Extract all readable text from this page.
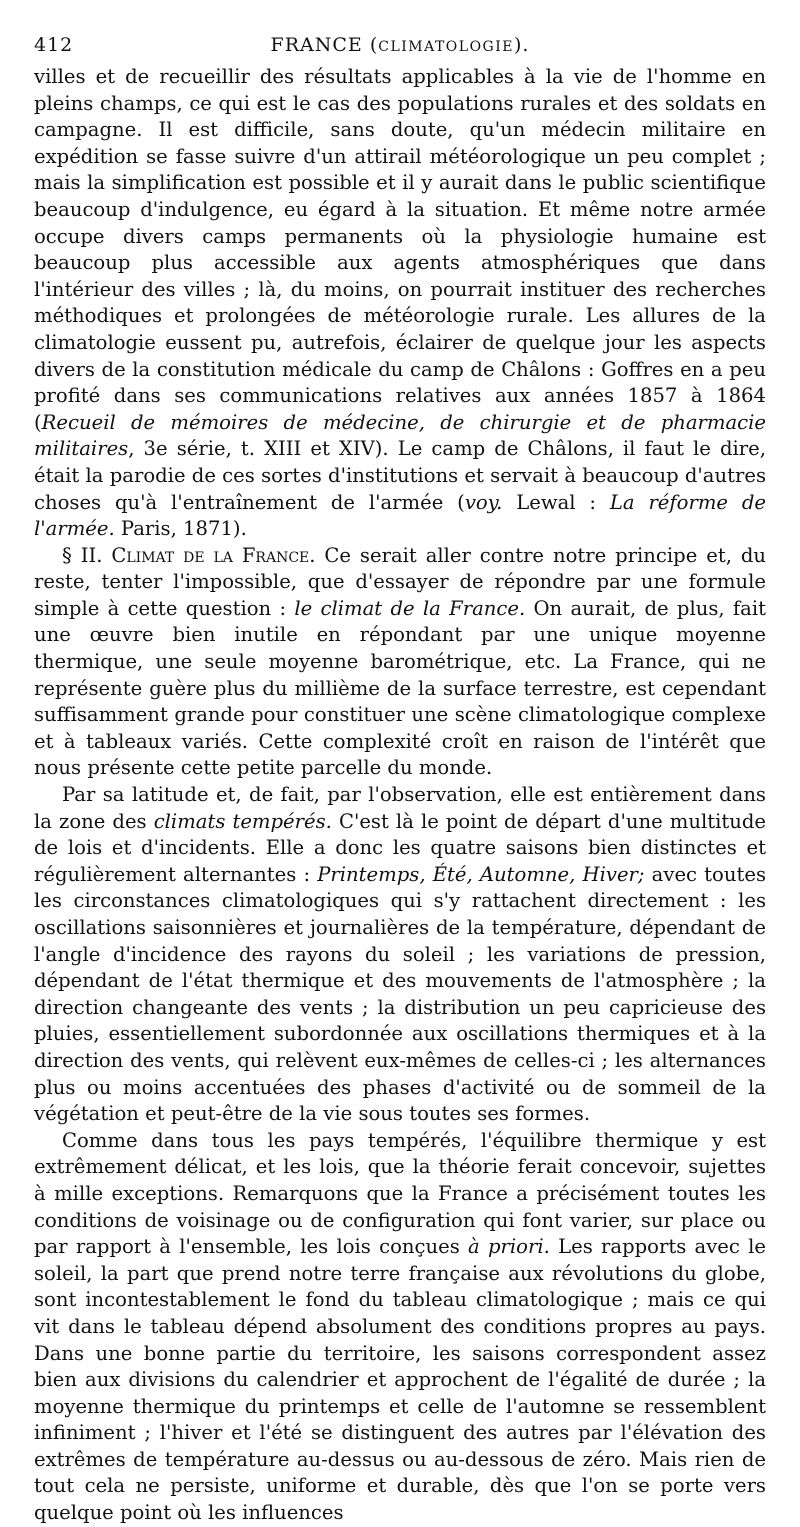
412	FRANCE (CLIMATOLOGIE).

villes et de recueillir des résultats applicables à la vie de l'homme en pleins champs, ce qui est le cas des populations rurales et des soldats en campagne. Il est difficile, sans doute, qu'un médecin militaire en expédition se fasse suivre d'un attirail météorologique un peu complet ; mais la simplification est possible et il y aurait dans le public scientifique beaucoup d'indulgence, eu égard à la situation. Et même notre armée occupe divers camps permanents où la physiologie humaine est beaucoup plus accessible aux agents atmosphériques que dans l'intérieur des villes ; là, du moins, on pourrait instituer des recherches méthodiques et prolongées de météorologie rurale. Les allures de la climatologie eussent pu, autrefois, éclairer de quelque jour les aspects divers de la constitution médicale du camp de Châlons : Goffres en a peu profité dans ses communications relatives aux années 1857 à 1864 (Recueil de mémoires de médecine, de chirurgie et de pharmacie militaires, 3e série, t. XIII et XIV). Le camp de Châlons, il faut le dire, était la parodie de ces sortes d'institutions et servait à beaucoup d'autres choses qu'à l'entraînement de l'armée (voy. Lewal : La réforme de l'armée. Paris, 1871).

§ II. Climat de la France. Ce serait aller contre notre principe et, du reste, tenter l'impossible, que d'essayer de répondre par une formule simple à cette question : le climat de la France. On aurait, de plus, fait une œuvre bien inutile en répondant par une unique moyenne thermique, une seule moyenne barométrique, etc. La France, qui ne représente guère plus du millième de la surface terrestre, est cependant suffisamment grande pour constituer une scène climatologique complexe et à tableaux variés. Cette complexité croît en raison de l'intérêt que nous présente cette petite parcelle du monde.

Par sa latitude et, de fait, par l'observation, elle est entièrement dans la zone des climats tempérés. C'est là le point de départ d'une multitude de lois et d'incidents. Elle a donc les quatre saisons bien distinctes et régulièrement alternantes : Printemps, Été, Automne, Hiver; avec toutes les circonstances climatologiques qui s'y rattachent directement : les oscillations saisonnières et journalières de la température, dépendant de l'angle d'incidence des rayons du soleil ; les variations de pression, dépendant de l'état thermique et des mouvements de l'atmosphère ; la direction changeante des vents ; la distribution un peu capricieuse des pluies, essentiellement subordonnée aux oscillations thermiques et à la direction des vents, qui relèvent eux-mêmes de celles-ci ; les alternances plus ou moins accentuées des phases d'activité ou de sommeil de la végétation et peut-être de la vie sous toutes ses formes.

Comme dans tous les pays tempérés, l'équilibre thermique y est extrêmement délicat, et les lois, que la théorie ferait concevoir, sujettes à mille exceptions. Remarquons que la France a précisément toutes les conditions de voisinage ou de configuration qui font varier, sur place ou par rapport à l'ensemble, les lois conçues à priori. Les rapports avec le soleil, la part que prend notre terre française aux révolutions du globe, sont incontestablement le fond du tableau climatologique ; mais ce qui vit dans le tableau dépend absolument des conditions propres au pays. Dans une bonne partie du territoire, les saisons correspondent assez bien aux divisions du calendrier et approchent de l'égalité de durée ; la moyenne thermique du printemps et celle de l'automne se ressemblent infiniment ; l'hiver et l'été se distinguent des autres par l'élévation des extrêmes de température au-dessus ou au-dessous de zéro. Mais rien de tout cela ne persiste, uniforme et durable, dès que l'on se porte vers quelque point où les influences
